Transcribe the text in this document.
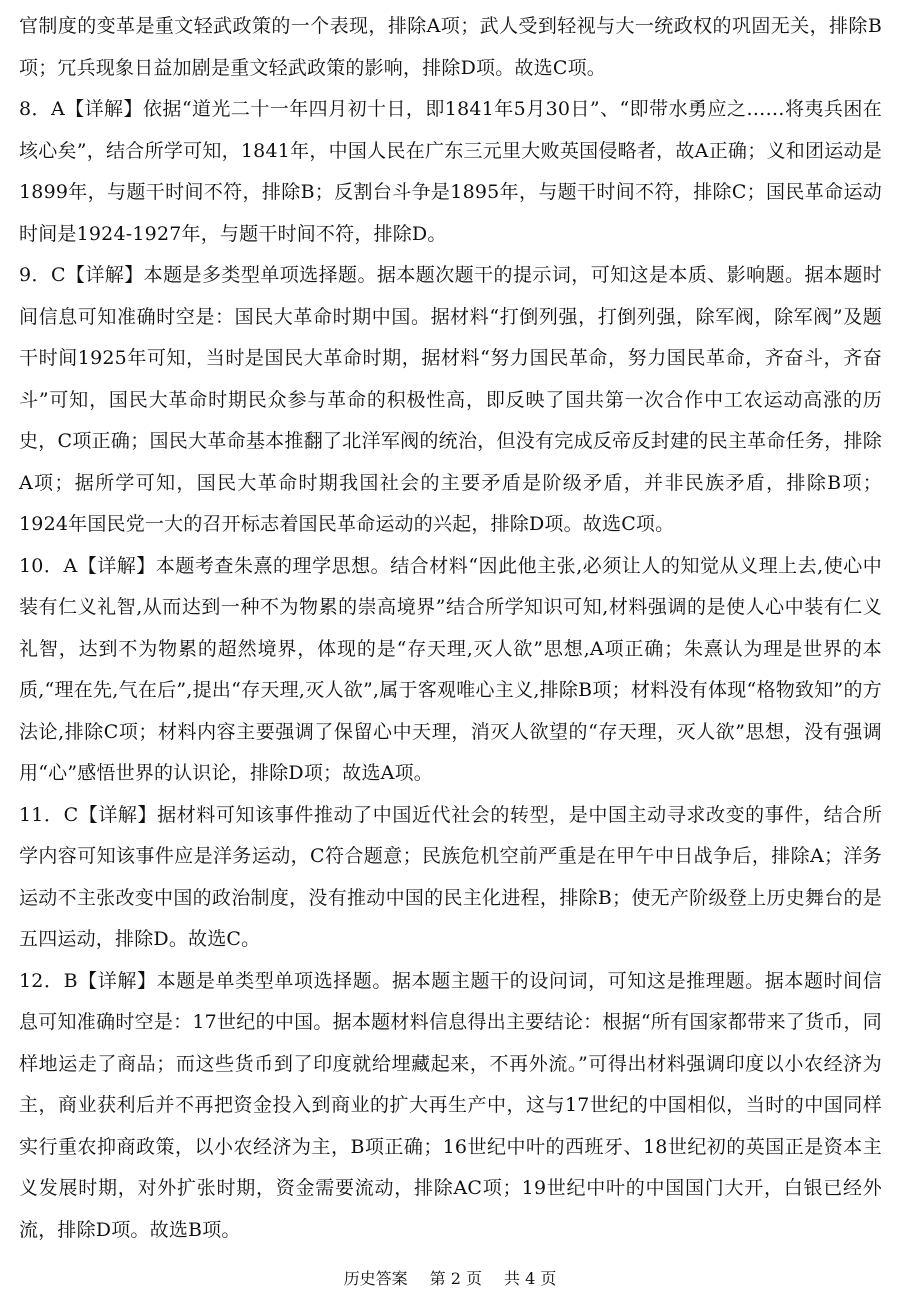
官制度的变革是重文轻武政策的一个表现，排除A项；武人受到轻视与大一统政权的巩固无关，排除B项；冗兵现象日益加剧是重文轻武政策的影响，排除D项。故选C项。

8．A【详解】依据“道光二十一年四月初十日，即1841年5月30日”、“即带水勇应之……将夷兵困在垓心矣”，结合所学可知，1841年，中国人民在广东三元里大败英国侵略者，故A正确；义和团运动是1899年，与题干时间不符，排除B；反割台斗争是1895年，与题干时间不符，排除C；国民革命运动时间是1924-1927年，与题干时间不符，排除D。

9．C【详解】本题是多类型单项选择题。据本题次题干的提示词，可知这是本质、影响题。据本题时间信息可知准确时空是：国民大革命时期中国。据材料“打倒列强，打倒列强，除军阀，除军阀”及题干时间1925年可知，当时是国民大革命时期，据材料“努力国民革命，努力国民革命，齐奋斗，齐奋斗”可知，国民大革命时期民众参与革命的积极性高，即反映了国共第一次合作中工农运动高涨的历史，C项正确；国民大革命基本推翻了北洋军阀的统治，但没有完成反帝反封建的民主革命任务，排除A项；据所学可知，国民大革命时期我国社会的主要矛盾是阶级矛盾，并非民族矛盾，排除B项；1924年国民党一大的召开标志着国民革命运动的兴起，排除D项。故选C项。

10．A【详解】本题考查朱熹的理学思想。结合材料“因此他主张,必须让人的知觉从义理上去,使心中装有仁义礼智,从而达到一种不为物累的崇高境界”结合所学知识可知,材料强调的是使人心中装有仁义礼智，达到不为物累的超然境界，体现的是“存天理,灭人欲”思想,A项正确；朱熹认为理是世界的本质,“理在先,气在后”,提出“存天理,灭人欲”,属于客观唯心主义,排除B项；材料没有体现“格物致知”的方法论,排除C项；材料内容主要强调了保留心中天理，消灭人欲望的“存天理，灭人欲”思想，没有强调用“心”感悟世界的认识论，排除D项；故选A项。

11．C【详解】据材料可知该事件推动了中国近代社会的转型，是中国主动寻求改变的事件，结合所学内容可知该事件应是洋务运动，C符合题意；民族危机空前严重是在甲午中日战争后，排除A；洋务运动不主张改变中国的政治制度，没有推动中国的民主化进程，排除B；使无产阶级登上历史舞台的是五四运动，排除D。故选C。

12．B【详解】本题是单类型单项选择题。据本题主题干的设问词，可知这是推理题。据本题时间信息可知准确时空是：17世纪的中国。据本题材料信息得出主要结论：根据“所有国家都带来了货币，同样地运走了商品；而这些货币到了印度就给埋藏起来，不再外流。”可得出材料强调印度以小农经济为主，商业获利后并不再把资金投入到商业的扩大再生产中，这与17世纪的中国相似，当时的中国同样实行重农抑商政策，以小农经济为主，B项正确；16世纪中叶的西班牙、18世纪初的英国正是资本主义发展时期，对外扩张时期，资金需要流动，排除AC项；19世纪中叶的中国国门大开，白银已经外流，排除D项。故选B项。

历史答案 第 2 页 共 4 页
